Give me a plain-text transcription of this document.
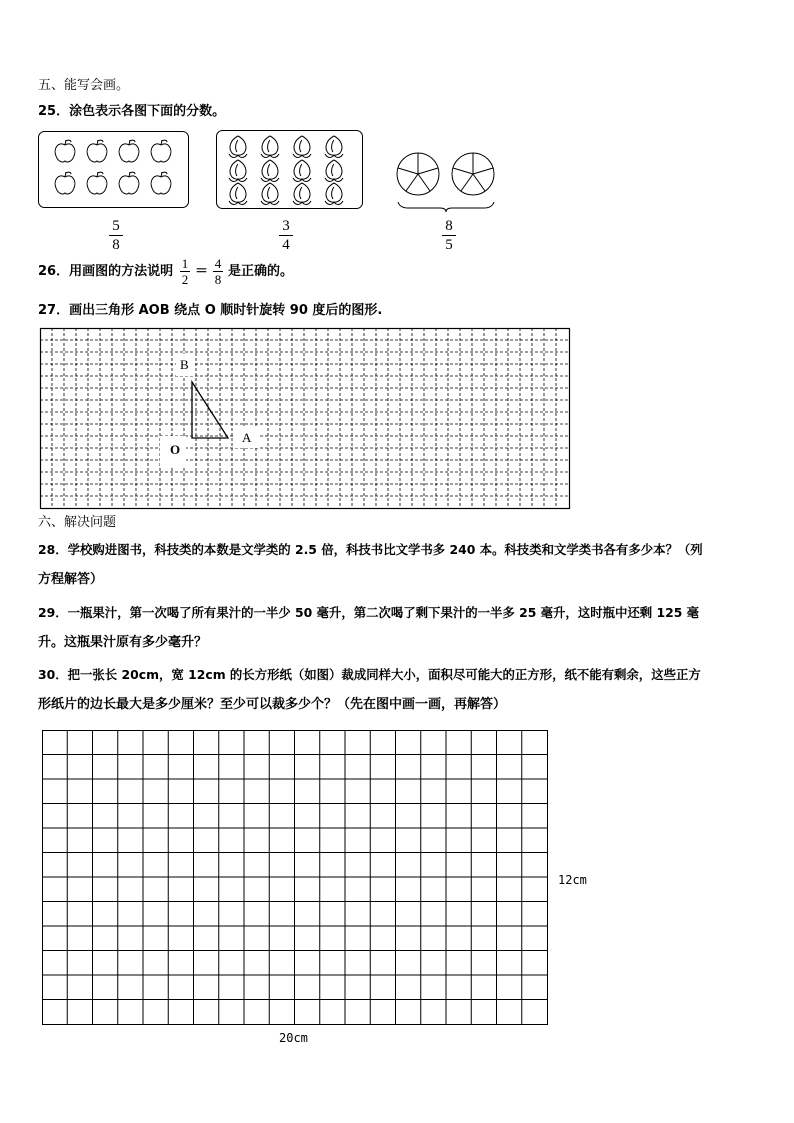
五、能写会画。
25．涂色表示各图下面的分数。
5
8
3
4
8
5
26．用画图的方法说明
1
2
＝
4
8
是正确的。
27．画出三角形 AOB 绕点 O 顺时针旋转 90 度后的图形.
B
A
O
六、解决问题
28．学校购进图书，科技类的本数是文学类的 2.5 倍，科技书比文学书多 240 本。科技类和文学类书各有多少本？（列
方程解答）
29．一瓶果汁，第一次喝了所有果汁的一半少 50 毫升，第二次喝了剩下果汁的一半多 25 毫升，这时瓶中还剩 125 毫
升。这瓶果汁原有多少毫升？
30．把一张长 20cm，宽 12cm 的长方形纸（如图）裁成同样大小，面积尽可能大的正方形，纸不能有剩余，这些正方
形纸片的边长最大是多少厘米？至少可以裁多少个？（先在图中画一画，再解答）
12cm
20cm
